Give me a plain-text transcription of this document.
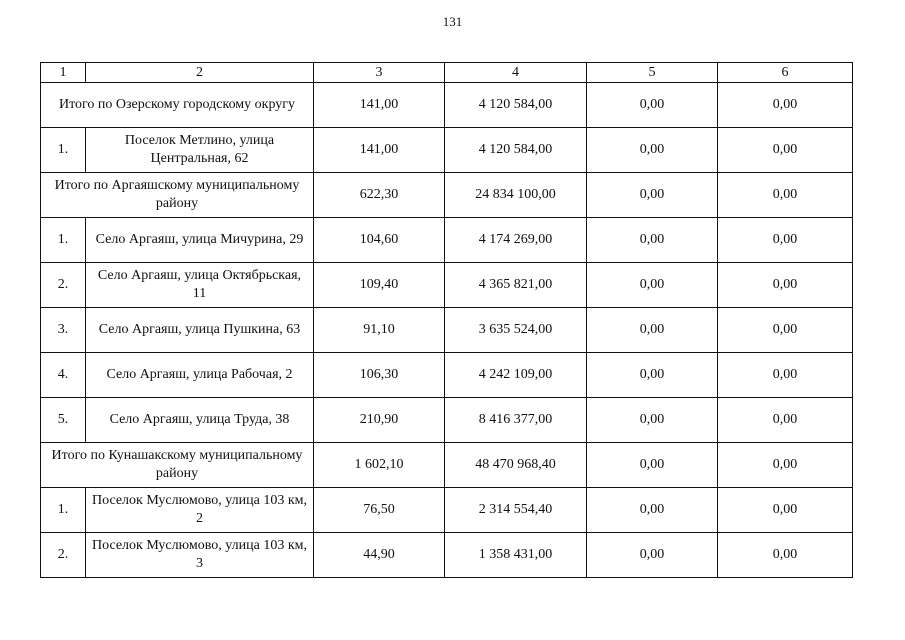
131
1	2	3	4	5	6
Итого по Озерскому городскому округу		141,00	4 120 584,00	0,00	0,00
1.	Поселок Метлино, улица Центральная, 62	141,00	4 120 584,00	0,00	0,00
Итого по Аргаяшскому муниципальному району		622,30	24 834 100,00	0,00	0,00
1.	Село Аргаяш, улица Мичурина, 29	104,60	4 174 269,00	0,00	0,00
2.	Село Аргаяш, улица Октябрьская, 11	109,40	4 365 821,00	0,00	0,00
3.	Село Аргаяш, улица Пушкина, 63	91,10	3 635 524,00	0,00	0,00
4.	Село Аргаяш, улица Рабочая, 2	106,30	4 242 109,00	0,00	0,00
5.	Село Аргаяш, улица Труда, 38	210,90	8 416 377,00	0,00	0,00
Итого по Кунашакскому муниципальному району		1 602,10	48 470 968,40	0,00	0,00
1.	Поселок Муслюмово, улица 103 км, 2	76,50	2 314 554,40	0,00	0,00
2.	Поселок Муслюмово, улица 103 км, 3	44,90	1 358 431,00	0,00	0,00
